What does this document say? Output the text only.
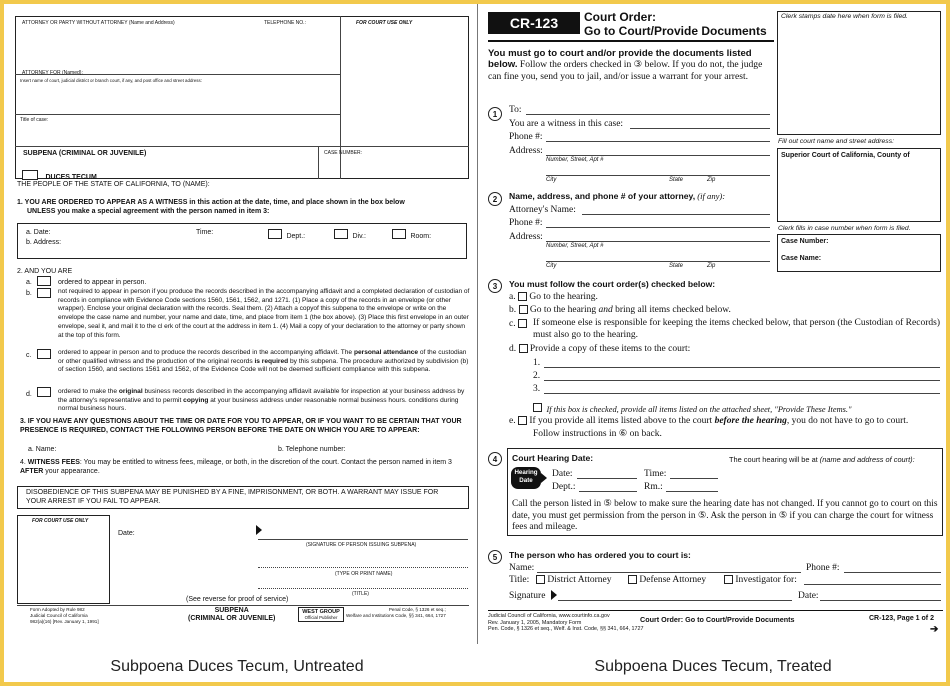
ATTORNEY OR PARTY WITHOUT ATTORNEY (Name and Address)	TELEPHONE NO.:	FOR COURT USE ONLY
ATTORNEY FOR (Named):
Insert name of court, judicial district or branch court, if any, and post office and street address:
Title of case:
SUBPENA (CRIMINAL OR JUVENILE)	CASE NUMBER:
DUCES TECUM
THE PEOPLE OF THE STATE OF CALIFORNIA, TO (NAME):
1. YOU ARE ORDERED TO APPEAR AS A WITNESS in this action at the date, time, and place shown in the box below
UNLESS you make a special agreement with the person named in item 3:
a. Date:	Time:
Dept.:	Div.:	Room:
b. Address:
2. AND YOU ARE
a.	ordered to appear in person.
b.	not required to appear in person if you produce the records described in the accompanying affidavit and a completed declaration of custodian of records in compliance with Evidence Code sections 1560, 1561, 1562, and 1271. (1) Place a copy of the records in an envelope (or other wrapper). Enclose your original declaration with the records. Seal them. (2) Attach a copyof this subpena to the envelope or write on the envelope the case name and number, your name and date, time, and place from item 1 (the box above). (3) Place this first envelope in an outer envelope, seal it, and mail it to the cl erk of the court at the address in item 1. (4) Mail a copy of your declaration to the attorney or party shown at the top of this form.
c.	ordered to appear in person and to produce the records described in the accompanying affidavit. The personal attendance of the custodian or other qualified witness and the production of the original records is required by this subpena. The procedure authorized by subdivision (b) of section 1560, and sections 1561 and 1562, of the Evidence Code will not be deemed sufficient compliance with this subpena.
d.	ordered to make the original business records described in the accompanying affidavit available for inspection at your business address by the attorney's representative and to permit copying at your business address under reasonable normal business hours. conditions during normal business hours.
3. IF YOU HAVE ANY QUESTIONS ABOUT THE TIME OR DATE FOR YOU TO APPEAR, OR IF YOU WANT TO BE CERTAIN THAT YOUR PRESENCE IS REQUIRED, CONTACT THE FOLLOWING PERSON BEFORE THE DATE ON WHICH YOU ARE TO APPEAR:
a. Name:	b. Telephone number:
4. WITNESS FEES: You may be entitled to witness fees, mileage, or both, in the discretion of the court. Contact the person named in item 3 AFTER your appearance.
DISOBEDIENCE OF THIS SUBPENA MAY BE PUNISHED BY A FINE, IMPRISONMENT, OR BOTH. A WARRANT MAY ISSUE FOR YOUR ARREST IF YOU FAIL TO APPEAR.
FOR COURT USE ONLY
Date:
(SIGNATURE OF PERSON ISSUING SUBPENA)
(TYPE OR PRINT NAME)
(TITLE)
(See reverse for proof of service)
Form Adopted by Rule 982
Judicial Council of California
982(a)(16) [Rev. January 1, 1991]
SUBPENA
(CRIMINAL OR JUVENILE)
WEST GROUP
Official Publisher
Penal Code, § 1326 et seq.;
Welfare and Institutions Code, §§ 341, 664, 1727
CR-123	Court Order:
Go to Court/Provide Documents
Clerk stamps date here when form is filed.
Fill out court name and street address:
Superior Court of California, County of
Clerk fills in case number when form is filed.
Case Number:
Case Name:
You must go to court and/or provide the documents listed below. Follow the orders checked in ③ below. If you do not, the judge can fine you, send you to jail, and/or issue a warrant for your arrest.
1	To:
You are a witness in this case:
Phone #:
Address:
Number, Street, Apt #
City	State	Zip
2	Name, address, and phone # of your attorney, (if any):
Attorney's Name:
Phone #:
Address:
Number, Street, Apt #
City	State	Zip
3	You must follow the court order(s) checked below:
a. Go to the hearing.
b. Go to the hearing and bring all items checked below.
c.	If someone else is responsible for keeping the items checked below, that person (the Custodian of Records) must also go to the hearing.
d. Provide a copy of these items to the court:
1.
2.
3.
If this box is checked, provide all items listed on the attached sheet, "Provide These Items."
e. If you provide all items listed above to the court before the hearing, you do not have to go to court.
Follow instructions in ⑥ on back.
4	Court Hearing Date:
Hearing Date
Date:	Time:
Dept.:	Rm.:
The court hearing will be at (name and address of court):
Call the person listed in ⑤ below to make sure the hearing date has not changed. If you cannot go to court on this date, you must get permission from the person in ⑤. Ask the person in ⑤ if you can charge the court for witness fees and mileage.
5	The person who has ordered you to court is:
Name:	Phone #:
Title:	District Attorney	Defense Attorney	Investigator for:
Signature	Date:
Judicial Council of California, www.courtinfo.ca.gov
Rev. January 1, 2005, Mandatory Form
Pen. Code, § 1326 et seq., Welf. & Inst. Code, §§ 341, 664, 1727
Court Order: Go to Court/Provide Documents	CR-123, Page 1 of 2
➔
Subpoena Duces Tecum, Untreated	Subpoena Duces Tecum, Treated
